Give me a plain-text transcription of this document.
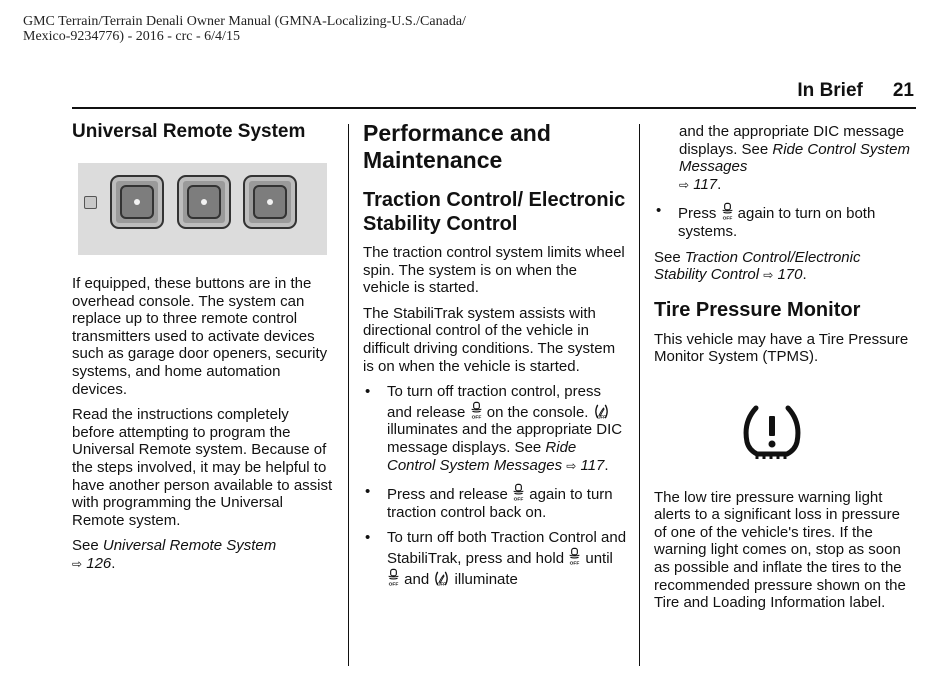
GMC Terrain/Terrain Denali Owner Manual (GMNA-Localizing-U.S./Canada/
Mexico-9234776) - 2016 - crc - 6/4/15
In Brief 21
Universal Remote System

If equipped, these buttons are in the overhead console. The system can replace up to three remote control transmitters used to activate devices such as garage door openers, security systems, and home automation devices.

Read the instructions completely before attempting to program the Universal Remote system. Because of the steps involved, it may be helpful to have another person available to assist with programming the Universal Remote system.

See Universal Remote System
⇨ 126.

Performance and Maintenance
Traction Control/ Electronic Stability Control

The traction control system limits wheel spin. The system is on when the vehicle is started.

The StabiliTrak system assists with directional control of the vehicle in difficult driving conditions. The system is on when the vehicle is started.

• To turn off traction control, press and release  on the console.  illuminates and the appropriate DIC message displays. See Ride Control System Messages ⇨ 117.
• Press and release  again to turn traction control back on.
• To turn off both Traction Control and StabiliTrak, press and hold  until  and  illuminate

and the appropriate DIC message displays. See Ride Control System Messages
⇨ 117.

• Press  again to turn on both systems.

See Traction Control/Electronic Stability Control ⇨ 170.

Tire Pressure Monitor

This vehicle may have a Tire Pressure Monitor System (TPMS).

The low tire pressure warning light alerts to a significant loss in pressure of one of the vehicle's tires. If the warning light comes on, stop as soon as possible and inflate the tires to the recommended pressure shown on the Tire and Loading Information label.
